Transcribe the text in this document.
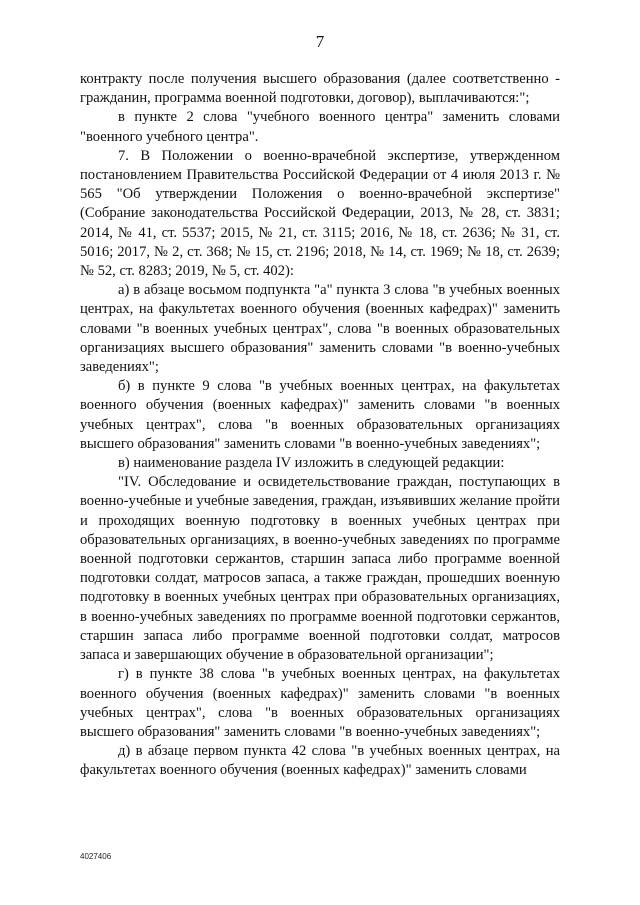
7

контракту после получения высшего образования (далее соответственно - гражданин, программа военной подготовки, договор), выплачиваются:";

в пункте 2 слова "учебного военного центра" заменить словами "военного учебного центра".

7. В Положении о военно-врачебной экспертизе, утвержденном постановлением Правительства Российской Федерации от 4 июля 2013 г. № 565 "Об утверждении Положения о военно-врачебной экспертизе" (Собрание законодательства Российской Федерации, 2013, № 28, ст. 3831; 2014, № 41, ст. 5537; 2015, № 21, ст. 3115; 2016, № 18, ст. 2636; № 31, ст. 5016; 2017, № 2, ст. 368; № 15, ст. 2196; 2018, № 14, ст. 1969; № 18, ст. 2639; № 52, ст. 8283; 2019, № 5, ст. 402):

а) в абзаце восьмом подпункта "а" пункта 3 слова "в учебных военных центрах, на факультетах военного обучения (военных кафедрах)" заменить словами "в военных учебных центрах", слова "в военных образовательных организациях высшего образования" заменить словами "в военно-учебных заведениях";

б) в пункте 9 слова "в учебных военных центрах, на факультетах военного обучения (военных кафедрах)" заменить словами "в военных учебных центрах", слова "в военных образовательных организациях высшего образования" заменить словами "в военно-учебных заведениях";

в) наименование раздела IV изложить в следующей редакции:

"IV. Обследование и освидетельствование граждан, поступающих в военно-учебные и учебные заведения, граждан, изъявивших желание пройти и проходящих военную подготовку в военных учебных центрах при образовательных организациях, в военно-учебных заведениях по программе военной подготовки сержантов, старшин запаса либо программе военной подготовки солдат, матросов запаса, а также граждан, прошедших военную подготовку в военных учебных центрах при образовательных организациях, в военно-учебных заведениях по программе военной подготовки сержантов, старшин запаса либо программе военной подготовки солдат, матросов запаса и завершающих обучение в образовательной организации";

г) в пункте 38 слова "в учебных военных центрах, на факультетах военного обучения (военных кафедрах)" заменить словами "в военных учебных центрах", слова "в военных образовательных организациях высшего образования" заменить словами "в военно-учебных заведениях";

д) в абзаце первом пункта 42 слова "в учебных военных центрах, на факультетах военного обучения (военных кафедрах)" заменить словами

4027406
